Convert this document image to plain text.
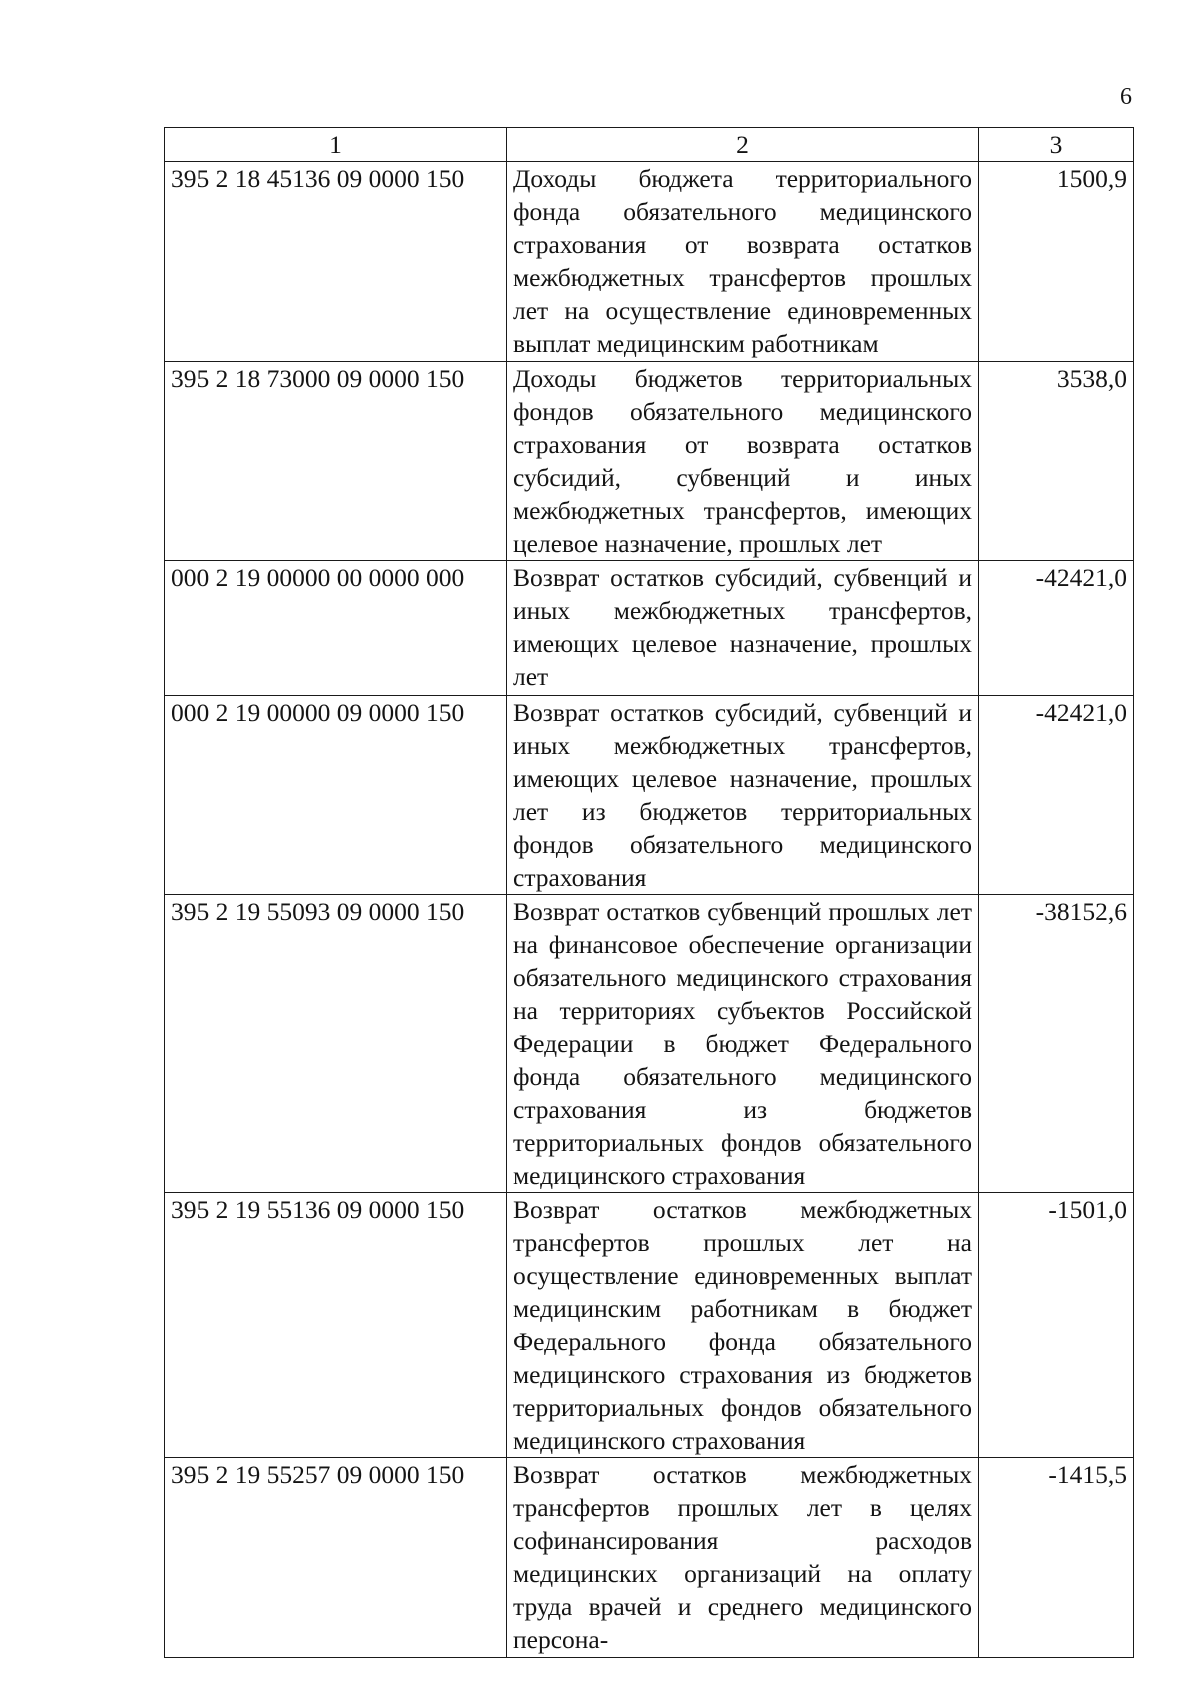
6
1	2	3
395 2 18 45136 09 0000 150	Доходы бюджета территориального фонда обязательного медицинского страхования от возврата остатков межбюджетных трансфертов прошлых лет на осуществление единовременных выплат медицинским работникам	1500,9
395 2 18 73000 09 0000 150	Доходы бюджетов территориальных фондов обязательного медицинского страхования от возврата остатков субсидий, субвенций и иных межбюджетных трансфертов, имеющих целевое назначение, прошлых лет	3538,0
000 2 19 00000 00 0000 000	Возврат остатков субсидий, субвенций и иных межбюджетных трансфертов, имеющих целевое назначение, прошлых лет	-42421,0
000 2 19 00000 09 0000 150	Возврат остатков субсидий, субвенций и иных межбюджетных трансфертов, имеющих целевое назначение, прошлых лет из бюджетов территориальных фондов обязательного медицинского страхования	-42421,0
395 2 19 55093 09 0000 150	Возврат остатков субвенций прошлых лет на финансовое обеспечение организации обязательного медицинского страхования на территориях субъектов Российской Федерации в бюджет Федерального фонда обязательного медицинского страхования из бюджетов территориальных фондов обязательного медицинского страхования	-38152,6
395 2 19 55136 09 0000 150	Возврат остатков межбюджетных трансфертов прошлых лет на осуществление единовременных выплат медицинским работникам в бюджет Федерального фонда обязательного медицинского страхования из бюджетов территориальных фондов обязательного медицинского страхования	-1501,0
395 2 19 55257 09 0000 150	Возврат остатков межбюджетных трансфертов прошлых лет в целях софинансирования расходов медицинских организаций на оплату труда врачей и среднего медицинского персона-	-1415,5
